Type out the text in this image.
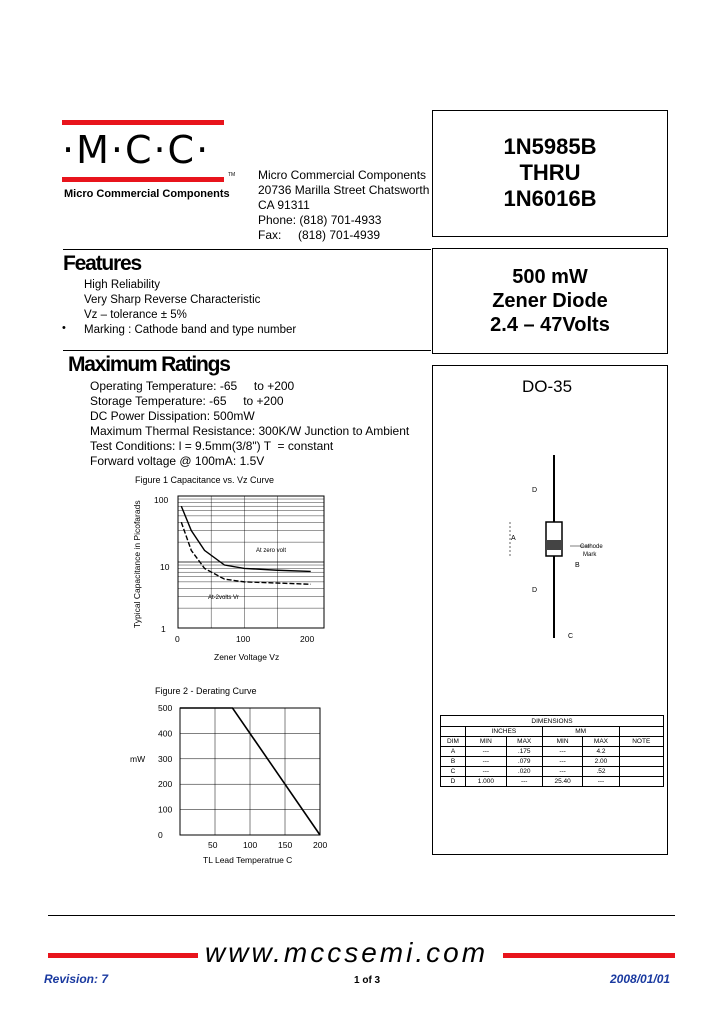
·M·C·C·
TM
Micro Commercial Components
Micro Commercial Components
20736 Marilla Street Chatsworth
CA 91311
Phone: (818) 701-4933
Fax:     (818) 701-4939
1N5985B
THRU
1N6016B
500 mW
Zener Diode
2.4 – 47Volts
Features
High Reliability
Very Sharp Reverse Characteristic
Vz – tolerance ± 5%
Marking : Cathode band and type number
•
Maximum Ratings
Operating Temperature: -65     to +200
Storage Temperature: -65     to +200
DC Power Dissipation: 500mW
Maximum Thermal Resistance: 300K/W Junction to Ambient
Test Conditions: l = 9.5mm(3/8") T  = constant
Forward voltage @ 100mA: 1.5V
DO-35
D
A
B
C
D
Cathode
Mark
DIMENSIONS					
	INCHES		MM		
DIM	MIN	MAX	MIN	MAX	NOTE
A	---	.175	---	4.2	
B	---	.079	---	2.00	
C	---	.020	---	.52	
D	1.000	---	25.40	---	
Figure 1 Capacitance vs. Vz Curve
Typical Capacitance in Picofarads
Zener Voltage Vz
100
10
1
0	100	200
At zero volt
At-2volts Vr
Figure 2 - Derating Curve
mW
TL Lead Temperatrue C
500
400
300
200
100
0
50	100 150 200
www.mccsemi.com
Revision: 7	1 of 3	2008/01/01
